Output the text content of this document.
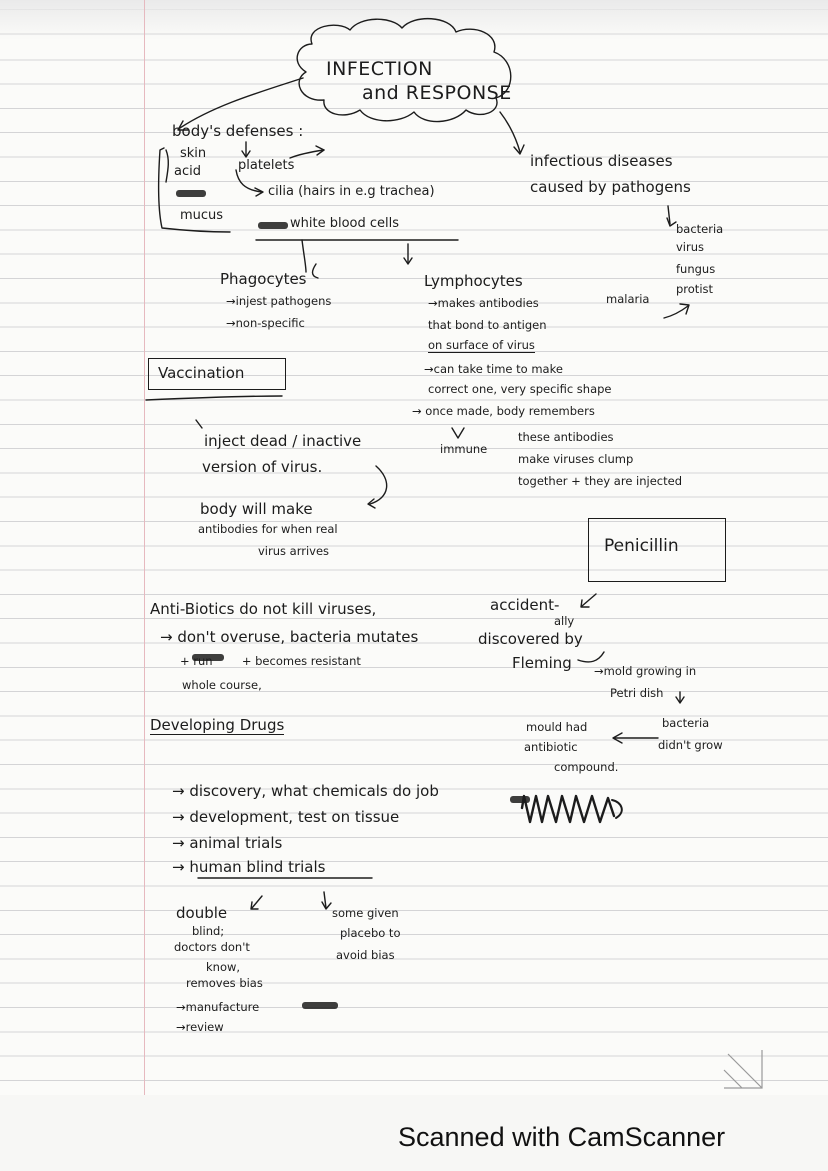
INFECTION
and RESPONSE
body's defenses :
skin
acid
mucus
platelets
cilia (hairs in e.g trachea)
white blood cells
infectious diseases
caused by pathogens
bacteria
virus
fungus
protist
malaria
Phagocytes
→injest pathogens
→non-specific
Lymphocytes
→makes antibodies
that bond to antigen
on surface of virus
→can take time to make
correct one, very specific shape
→ once made, body remembers
immune
these antibodies
make viruses clump
together + they are injected
Vaccination
inject dead / inactive
version of virus.
body will make
antibodies for when real
virus arrives	Penicillin
Anti-Biotics do not kill viruses,
→ don't overuse, bacteria mutates
+ run        + becomes resistant
whole course,
accident-
ally
discovered by
Fleming →mold growing in
Petri dish
bacteria
didn't grow
mould had
antibiotic
compound.
Developing Drugs
→ discovery, what chemicals do job
→ development, test on tissue
→ animal trials
→ human blind trials
double
blind;
doctors don't
know,
removes bias
some given
placebo to
avoid bias
→manufacture
→review

Scanned with CamScanner
